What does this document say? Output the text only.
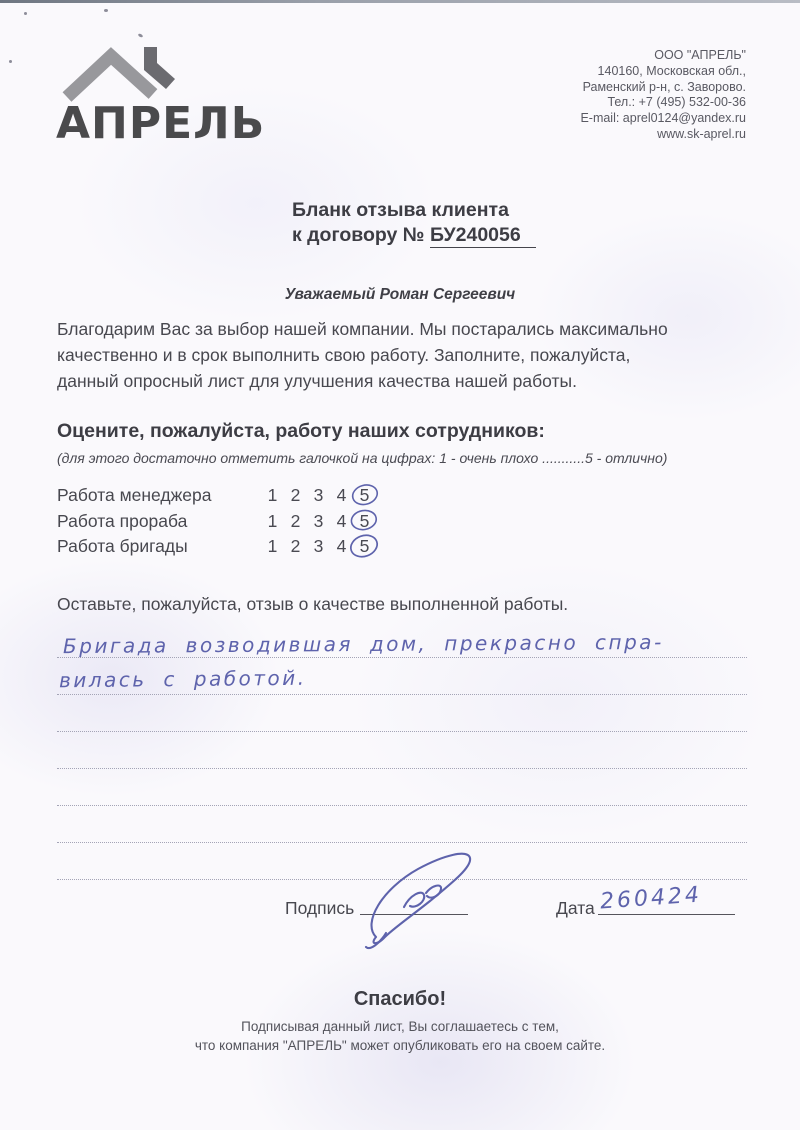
АПРЕЛЬ
ООО "АПРЕЛЬ"
140160, Московская обл.,
Раменский р-н, с. Заворово.
Тел.: +7 (495) 532-00-36
E-mail: aprel0124@yandex.ru
www.sk-aprel.ru
Бланк отзыва клиента
к договору № БУ240056
Уважаемый Роман Сергеевич
Благодарим Вас за выбор нашей компании. Мы постарались максимально
качественно и в срок выполнить свою работу. Заполните, пожалуйста,
данный опросный лист для улучшения качества нашей работы.
Оцените, пожалуйста, работу наших сотрудников:
(для этого достаточно отметить галочкой на цифрах: 1 - очень плохо ...........5 - отлично)
Работа менеджера	1 2 3 4 5
Работа прораба	1 2 3 4 5
Работа бригады	1 2 3 4 5
Оставьте, пожалуйста, отзыв о качестве выполненной работы.
Бригада возводившая дом, прекрасно спра-
вилась с работой.
Подпись	Дата 260424
Спасибо!
Подписывая данный лист, Вы соглашаетесь с тем,
что компания "АПРЕЛЬ" может опубликовать его на своем сайте.
